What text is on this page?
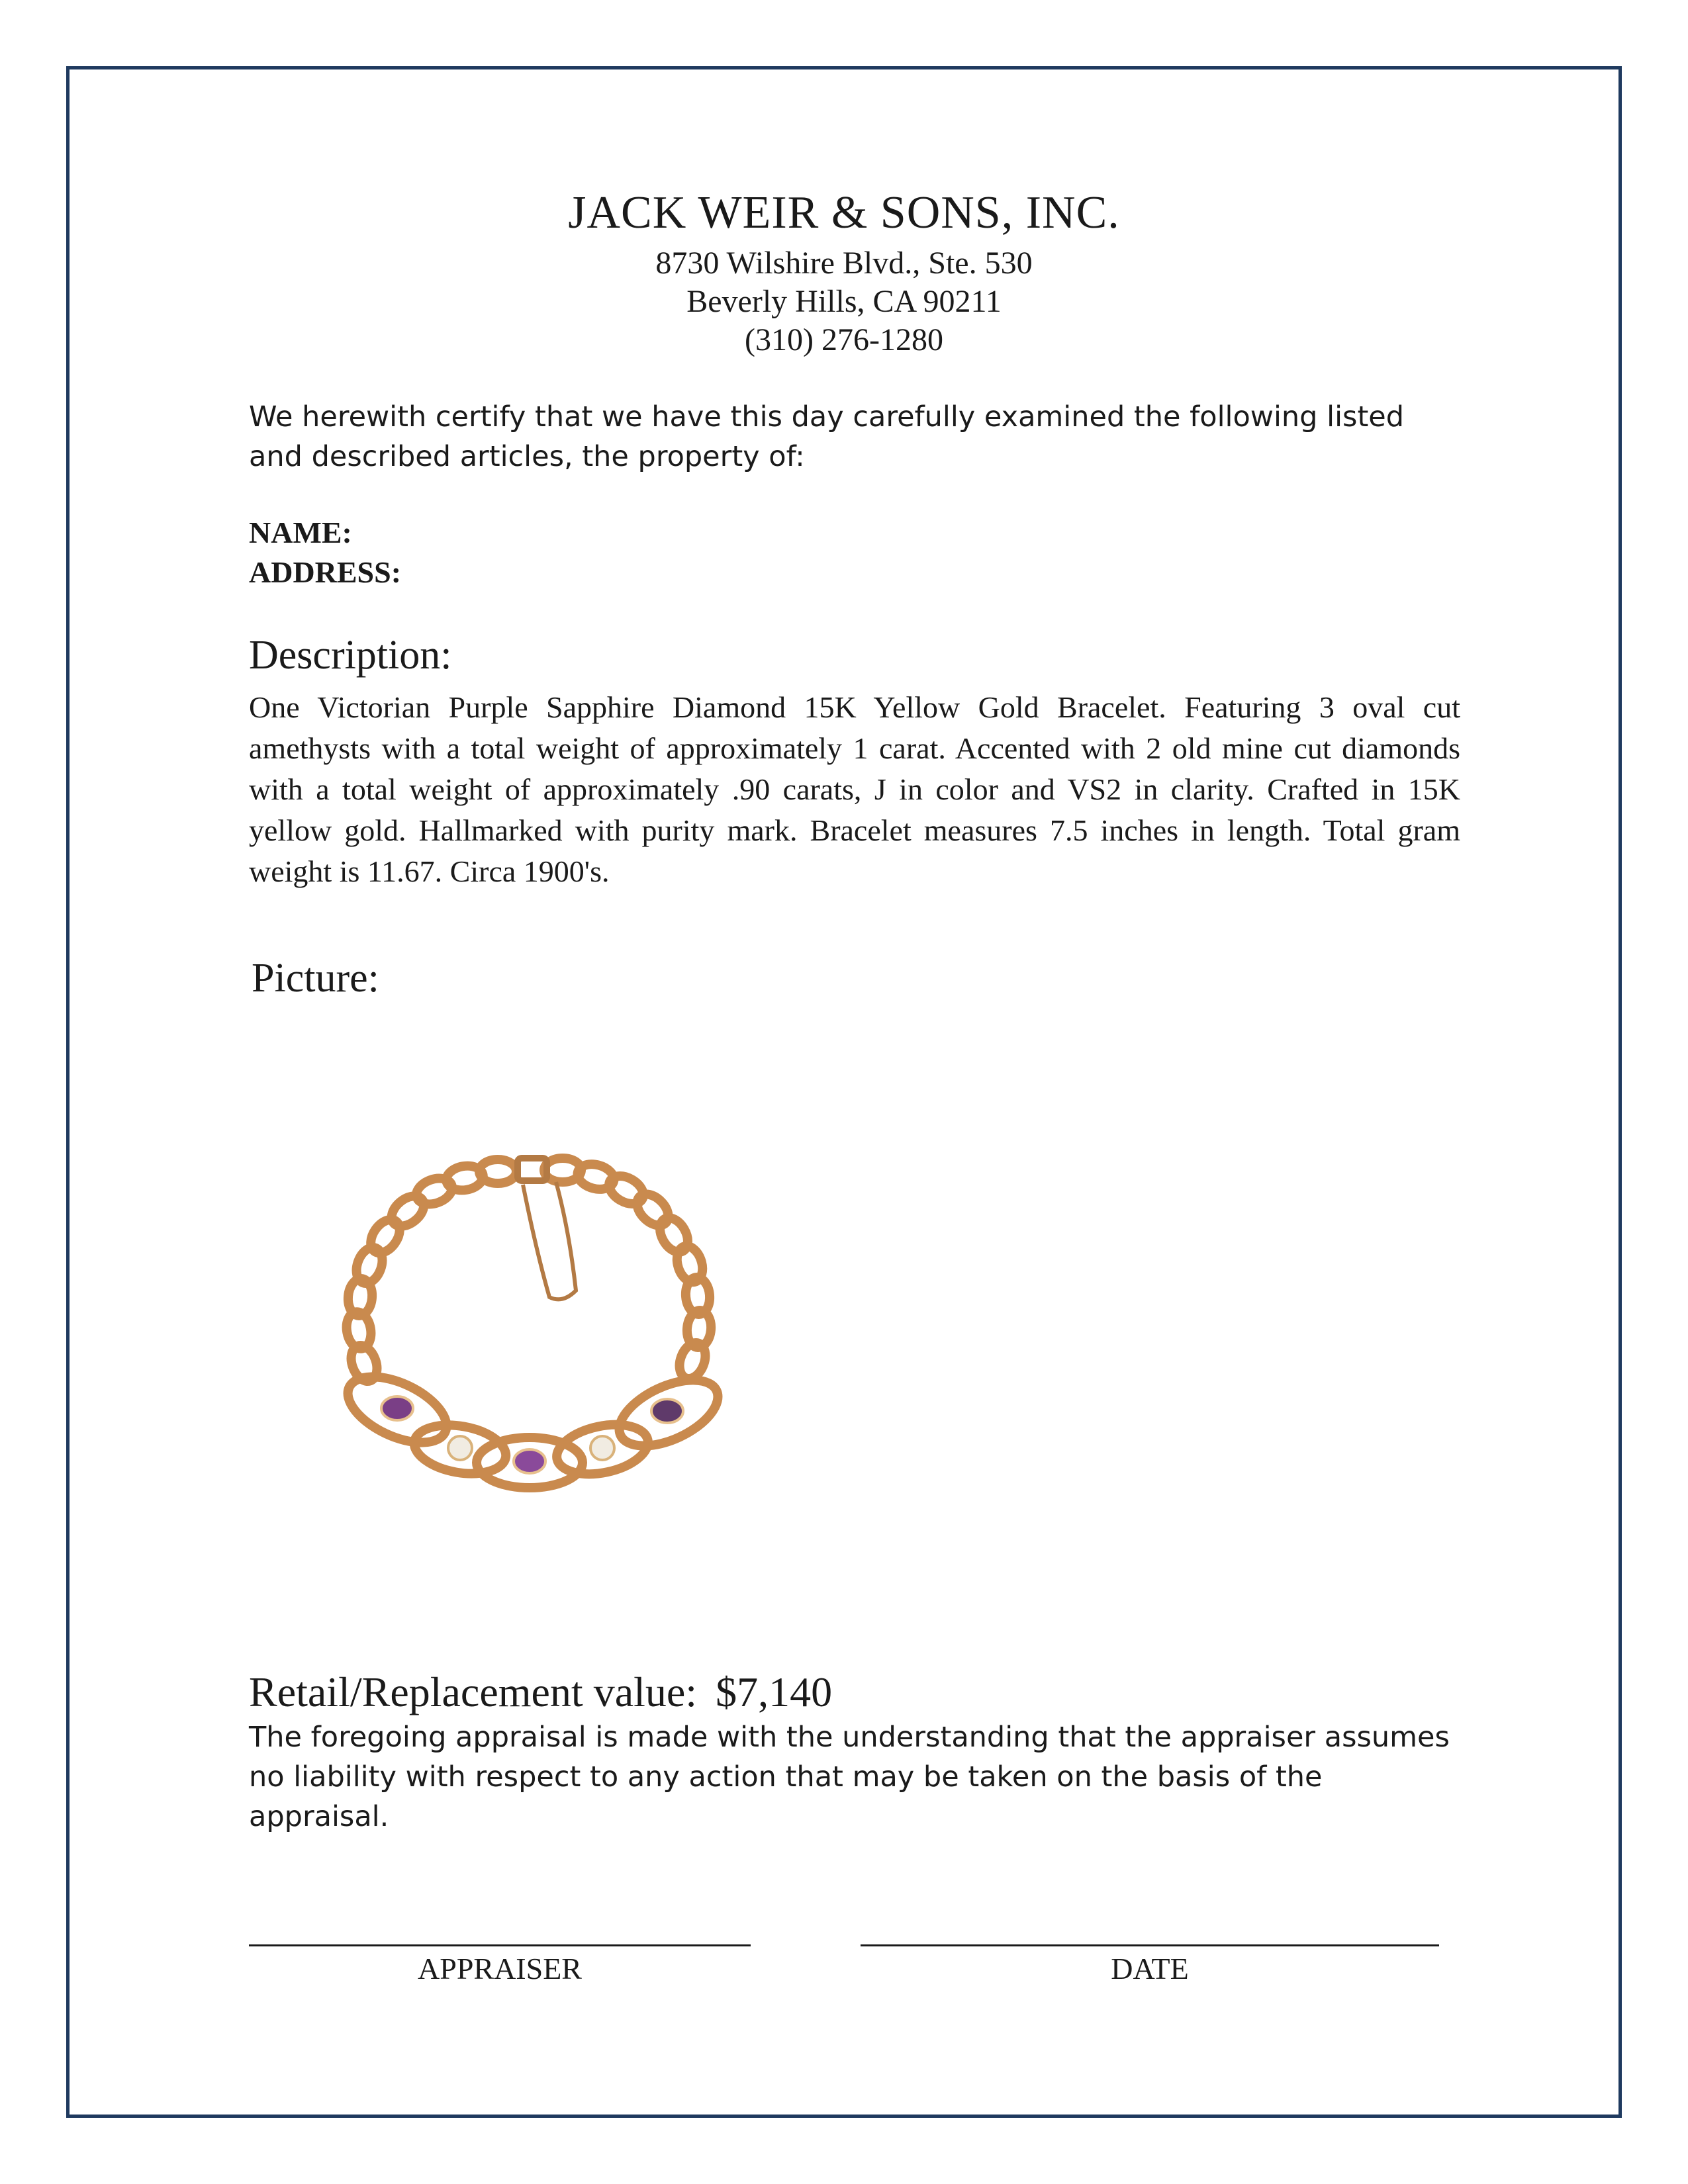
JACK WEIR & SONS, INC.
8730 Wilshire Blvd., Ste. 530
Beverly Hills, CA 90211
(310) 276-1280
We herewith certify that we have this day carefully examined the following listed and described articles, the property of:
NAME:
ADDRESS:
Description:
One Victorian Purple Sapphire Diamond 15K Yellow Gold Bracelet. Featuring 3 oval cut amethysts with a total weight of approximately 1 carat. Accented with 2 old mine cut diamonds with a total weight of approximately .90 carats, J in color and VS2 in clarity. Crafted in 15K yellow gold. Hallmarked with purity mark. Bracelet measures 7.5 inches in length. Total gram weight is 11.67. Circa 1900's.
Picture:
Retail/Replacement value: $7,140
The foregoing appraisal is made with the understanding that the appraiser assumes no liability with respect to any action that may be taken on the basis of the appraisal.
APPRAISER	DATE
